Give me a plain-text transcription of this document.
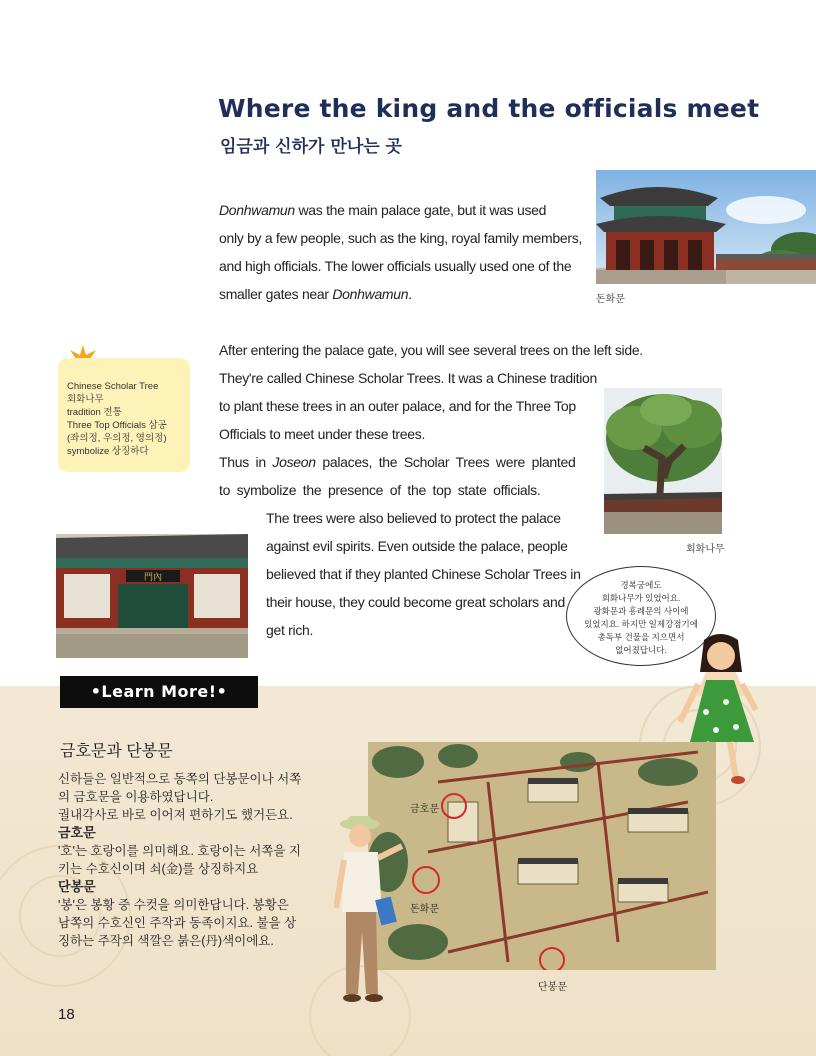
Where the king and the officials meet
임금과 신하가 만나는 곳

Donhwamun was the main palace gate, but it was used

only by a few people, such as the king, royal family members,

and high officials. The lower officials usually used one of the

smaller gates near Donhwamun.	돈화문
Chinese Scholar Tree
회화나무
tradition 전통
Three Top Officials 삼공
(좌의정, 우의정, 영의정)
symbolize 상징하다

After entering the palace gate, you will see several trees on the left side.

They're called Chinese Scholar Trees. It was a Chinese tradition

to plant these trees in an outer palace, and for the Three Top

Officials to meet under these trees.

Thus in Joseon palaces, the Scholar Trees were planted

to symbolize the presence of the top state officials.

The trees were also believed to protect the palace

against evil spirits. Even outside the palace, people

believed that if they planted Chinese Scholar Trees in

their house, they could become great scholars and

get rich.

회화나무
門內
경복궁에도
회화나무가 있었어요.
광화문과 흥례문의 사이에
있었지요. 하지만 일제강점기에
총독부 건물을 지으면서
없어졌답니다.
•Learn More!•
금호문과 단봉문
신하들은 일반적으로 동쪽의 단봉문이나 서쪽
의 금호문을 이용하였답니다.
궐내각사로 바로 이어져 편하기도 했거든요.
금호문
'호'는 호랑이를 의미해요. 호랑이는 서쪽을 지
키는 수호신이며 쇠(金)를 상징하지요
단봉문
'봉'은 봉황 중 수컷을 의미한답니다. 봉황은
남쪽의 수호신인 주작과 동족이지요. 불을 상
징하는 주작의 색깔은 붉은(丹)색이에요.
금호문
돈화문
단봉문
18
